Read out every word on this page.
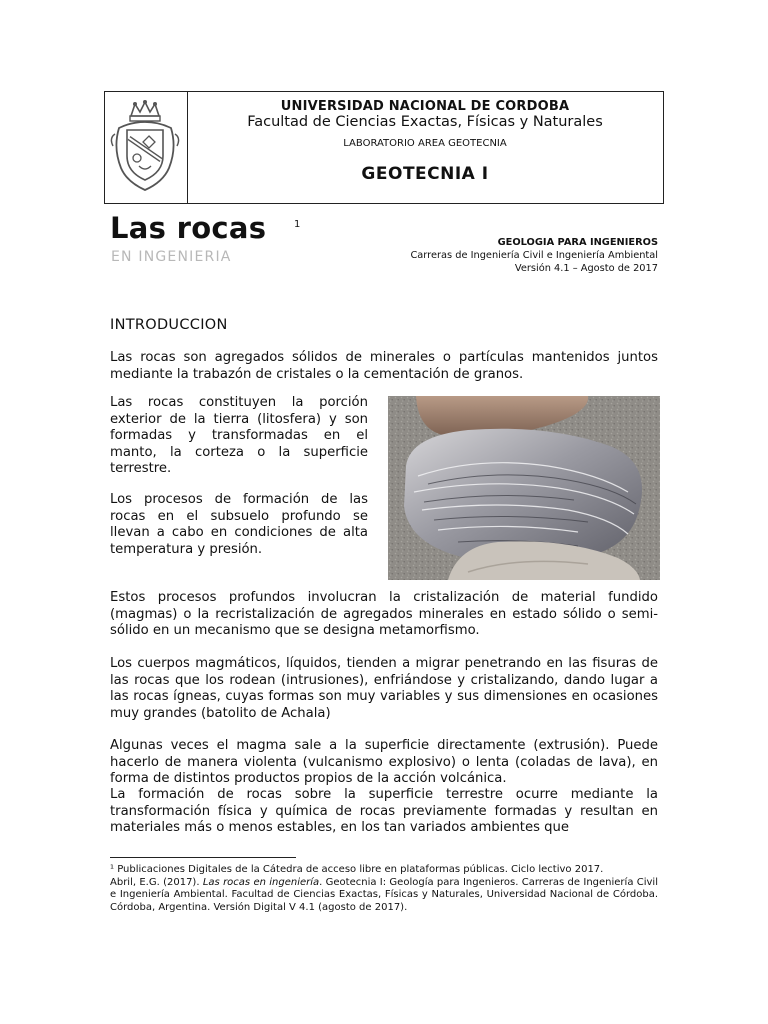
UNIVERSIDAD NACIONAL DE CORDOBA
Facultad de Ciencias Exactas, Físicas y Naturales
LABORATORIO AREA GEOTECNIA
GEOTECNIA I
Las rocas	1
EN INGENIERIA
GEOLOGIA PARA INGENIEROS
Carreras de Ingeniería Civil e Ingeniería Ambiental
Versión 4.1 – Agosto de 2017
INTRODUCCION
Las rocas son agregados sólidos de minerales o partículas mantenidos juntos mediante la trabazón de cristales o la cementación de granos.
Las rocas constituyen la porción exterior de la tierra (litosfera) y son formadas y transformadas en el manto, la corteza o la superficie terrestre.
Los procesos de formación de las rocas en el subsuelo profundo se llevan a cabo en condiciones de alta temperatura y presión.
Estos procesos profundos involucran la cristalización de material fundido (magmas) o la recristalización de agregados minerales en estado sólido o semi-sólido en un mecanismo que se designa metamorfismo.
Los cuerpos magmáticos, líquidos, tienden a migrar penetrando en las fisuras de las rocas que los rodean (intrusiones), enfriándose y cristalizando, dando lugar a las rocas ígneas, cuyas formas son muy variables y sus dimensiones en ocasiones muy grandes (batolito de Achala)
Algunas veces el magma sale a la superficie directamente (extrusión). Puede hacerlo de manera violenta (vulcanismo explosivo) o lenta (coladas de lava), en forma de distintos productos propios de la acción volcánica.
La formación de rocas sobre la superficie terrestre ocurre mediante la transformación física y química de rocas previamente formadas y resultan en materiales más o menos estables, en los tan variados ambientes que
¹ Publicaciones Digitales de la Cátedra de acceso libre en plataformas públicas. Ciclo lectivo 2017.
Abril, E.G. (2017). Las rocas en ingeniería. Geotecnia I: Geología para Ingenieros. Carreras de Ingeniería Civil e Ingeniería Ambiental. Facultad de Ciencias Exactas, Físicas y Naturales, Universidad Nacional de Córdoba. Córdoba, Argentina. Versión Digital V 4.1 (agosto de 2017).
